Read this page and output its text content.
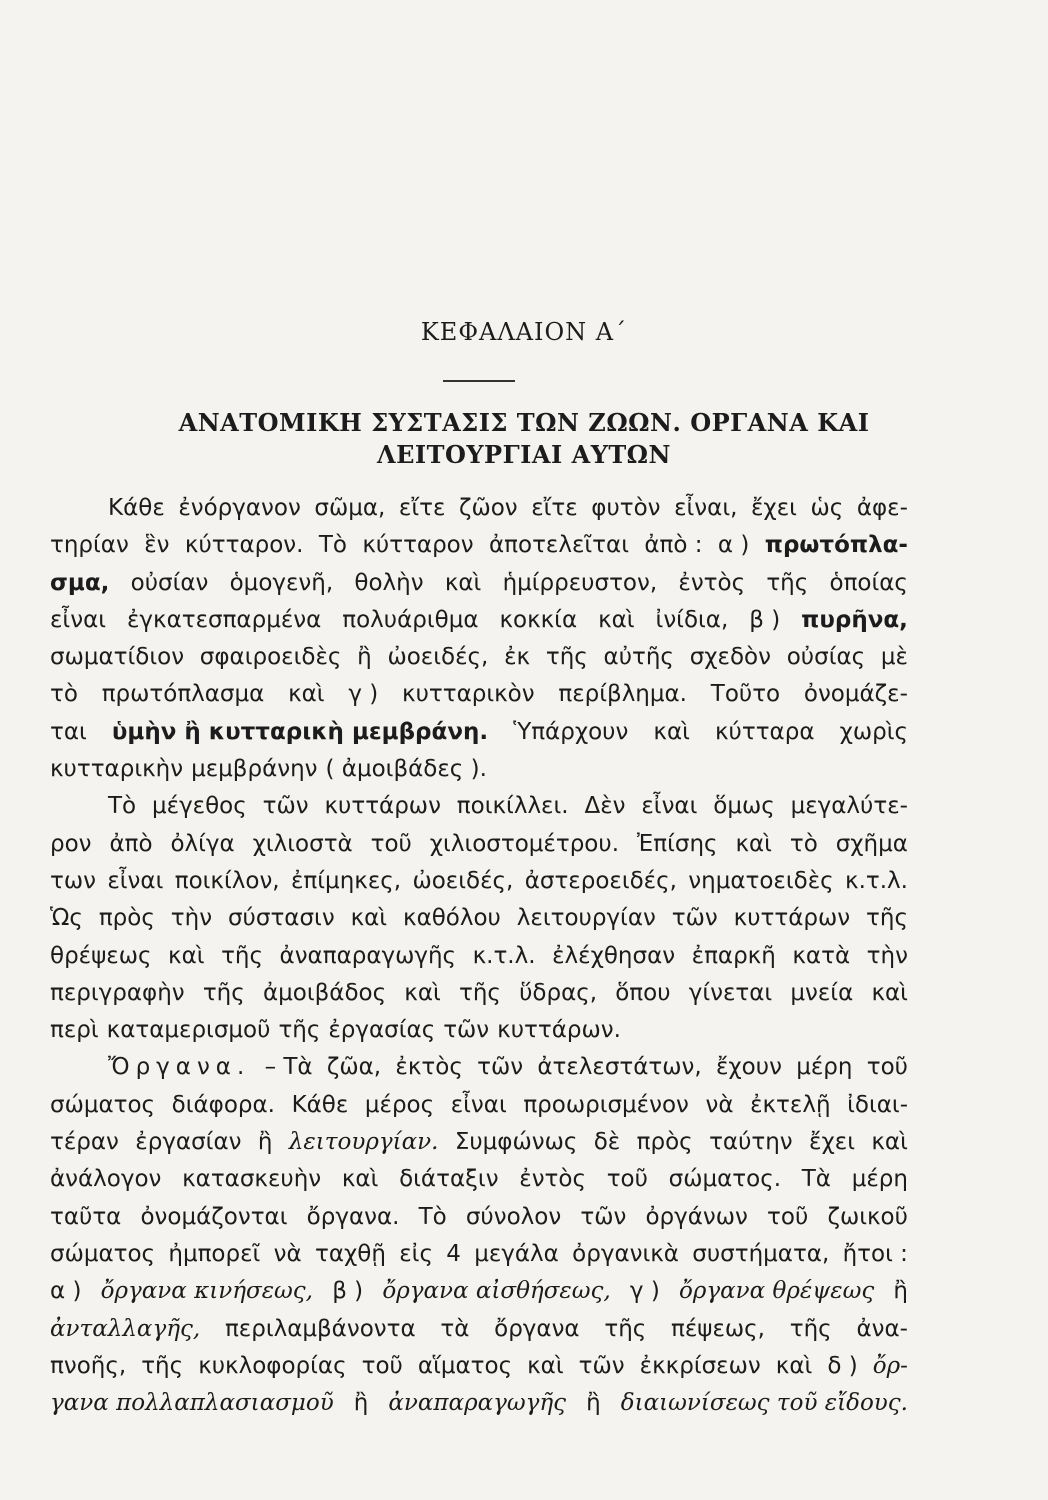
ΚΕΦΑΛΑΙΟΝ Α΄
ΑΝΑΤΟΜΙΚΗ ΣΥΣΤΑΣΙΣ ΤΩΝ ΖΩΩΝ. ΟΡΓΑΝΑ ΚΑΙ
ΛΕΙΤΟΥΡΓΙΑΙ ΑΥΤΩΝ
Κάθε ἐνόργανον σῶμα, εἴτε ζῶον εἴτε φυτὸν εἶναι, ἔχει ὡς ἀφε-
τηρίαν ἓν κύτταρον. Τὸ κύτταρον ἀποτελεῖται ἀπὸ : α ) πρωτόπλα-
σμα, οὐσίαν ὁμογενῆ, θολὴν καὶ ἡμίρρευστον, ἐντὸς τῆς ὁποίας
εἶναι ἐγκατεσπαρμένα πολυάριθμα κοκκία καὶ ἰνίδια, β ) πυρῆνα,
σωματίδιον σφαιροειδὲς ἢ ὠοειδές, ἐκ τῆς αὐτῆς σχεδὸν οὐσίας μὲ
τὸ πρωτόπλασμα καὶ γ ) κυτταρικὸν περίβλημα. Τοῦτο ὀνομάζε-
ται ὑμὴν ἢ κυτταρικὴ μεμβράνη. Ὑπάρχουν καὶ κύτταρα χωρὶς
κυτταρικὴν μεμβράνην ( ἀμοιβάδες ).
Τὸ μέγεθος τῶν κυττάρων ποικίλλει. Δὲν εἶναι ὅμως μεγαλύτε-
ρον ἀπὸ ὀλίγα χιλιοστὰ τοῦ χιλιοστομέτρου. Ἐπίσης καὶ τὸ σχῆμα
των εἶναι ποικίλον, ἐπίμηκες, ὠοειδές, ἀστεροειδές, νηματοειδὲς κ.τ.λ.
Ὡς πρὸς τὴν σύστασιν καὶ καθόλου λειτουργίαν τῶν κυττάρων τῆς
θρέψεως καὶ τῆς ἀναπαραγωγῆς κ.τ.λ. ἐλέχθησαν ἐπαρκῆ κατὰ τὴν
περιγραφὴν τῆς ἀμοιβάδος καὶ τῆς ὕδρας, ὅπου γίνεται μνεία καὶ
περὶ καταμερισμοῦ τῆς ἐργασίας τῶν κυττάρων.
Ὄργανα. – Τὰ ζῶα, ἐκτὸς τῶν ἀτελεστάτων, ἔχουν μέρη τοῦ
σώματος διάφορα. Κάθε μέρος εἶναι προωρισμένον νὰ ἐκτελῇ ἰδιαι-
τέραν ἐργασίαν ἢ λειτουργίαν. Συμφώνως δὲ πρὸς ταύτην ἔχει καὶ
ἀνάλογον κατασκευὴν καὶ διάταξιν ἐντὸς τοῦ σώματος. Τὰ μέρη
ταῦτα ὀνομάζονται ὄργανα. Τὸ σύνολον τῶν ὀργάνων τοῦ ζωικοῦ
σώματος ἠμπορεῖ νὰ ταχθῇ εἰς 4 μεγάλα ὀργανικὰ συστήματα, ἤτοι :
α ) ὄργανα κινήσεως, β ) ὄργανα αἰσθήσεως, γ ) ὄργανα θρέψεως ἢ
ἀνταλλαγῆς, περιλαμβάνοντα τὰ ὄργανα τῆς πέψεως, τῆς ἀνα-
πνοῆς, τῆς κυκλοφορίας τοῦ αἵματος καὶ τῶν ἐκκρίσεων καὶ δ ) ὄρ-
γανα πολλαπλασιασμοῦ ἢ ἀναπαραγωγῆς ἢ διαιωνίσεως τοῦ εἴδους.
